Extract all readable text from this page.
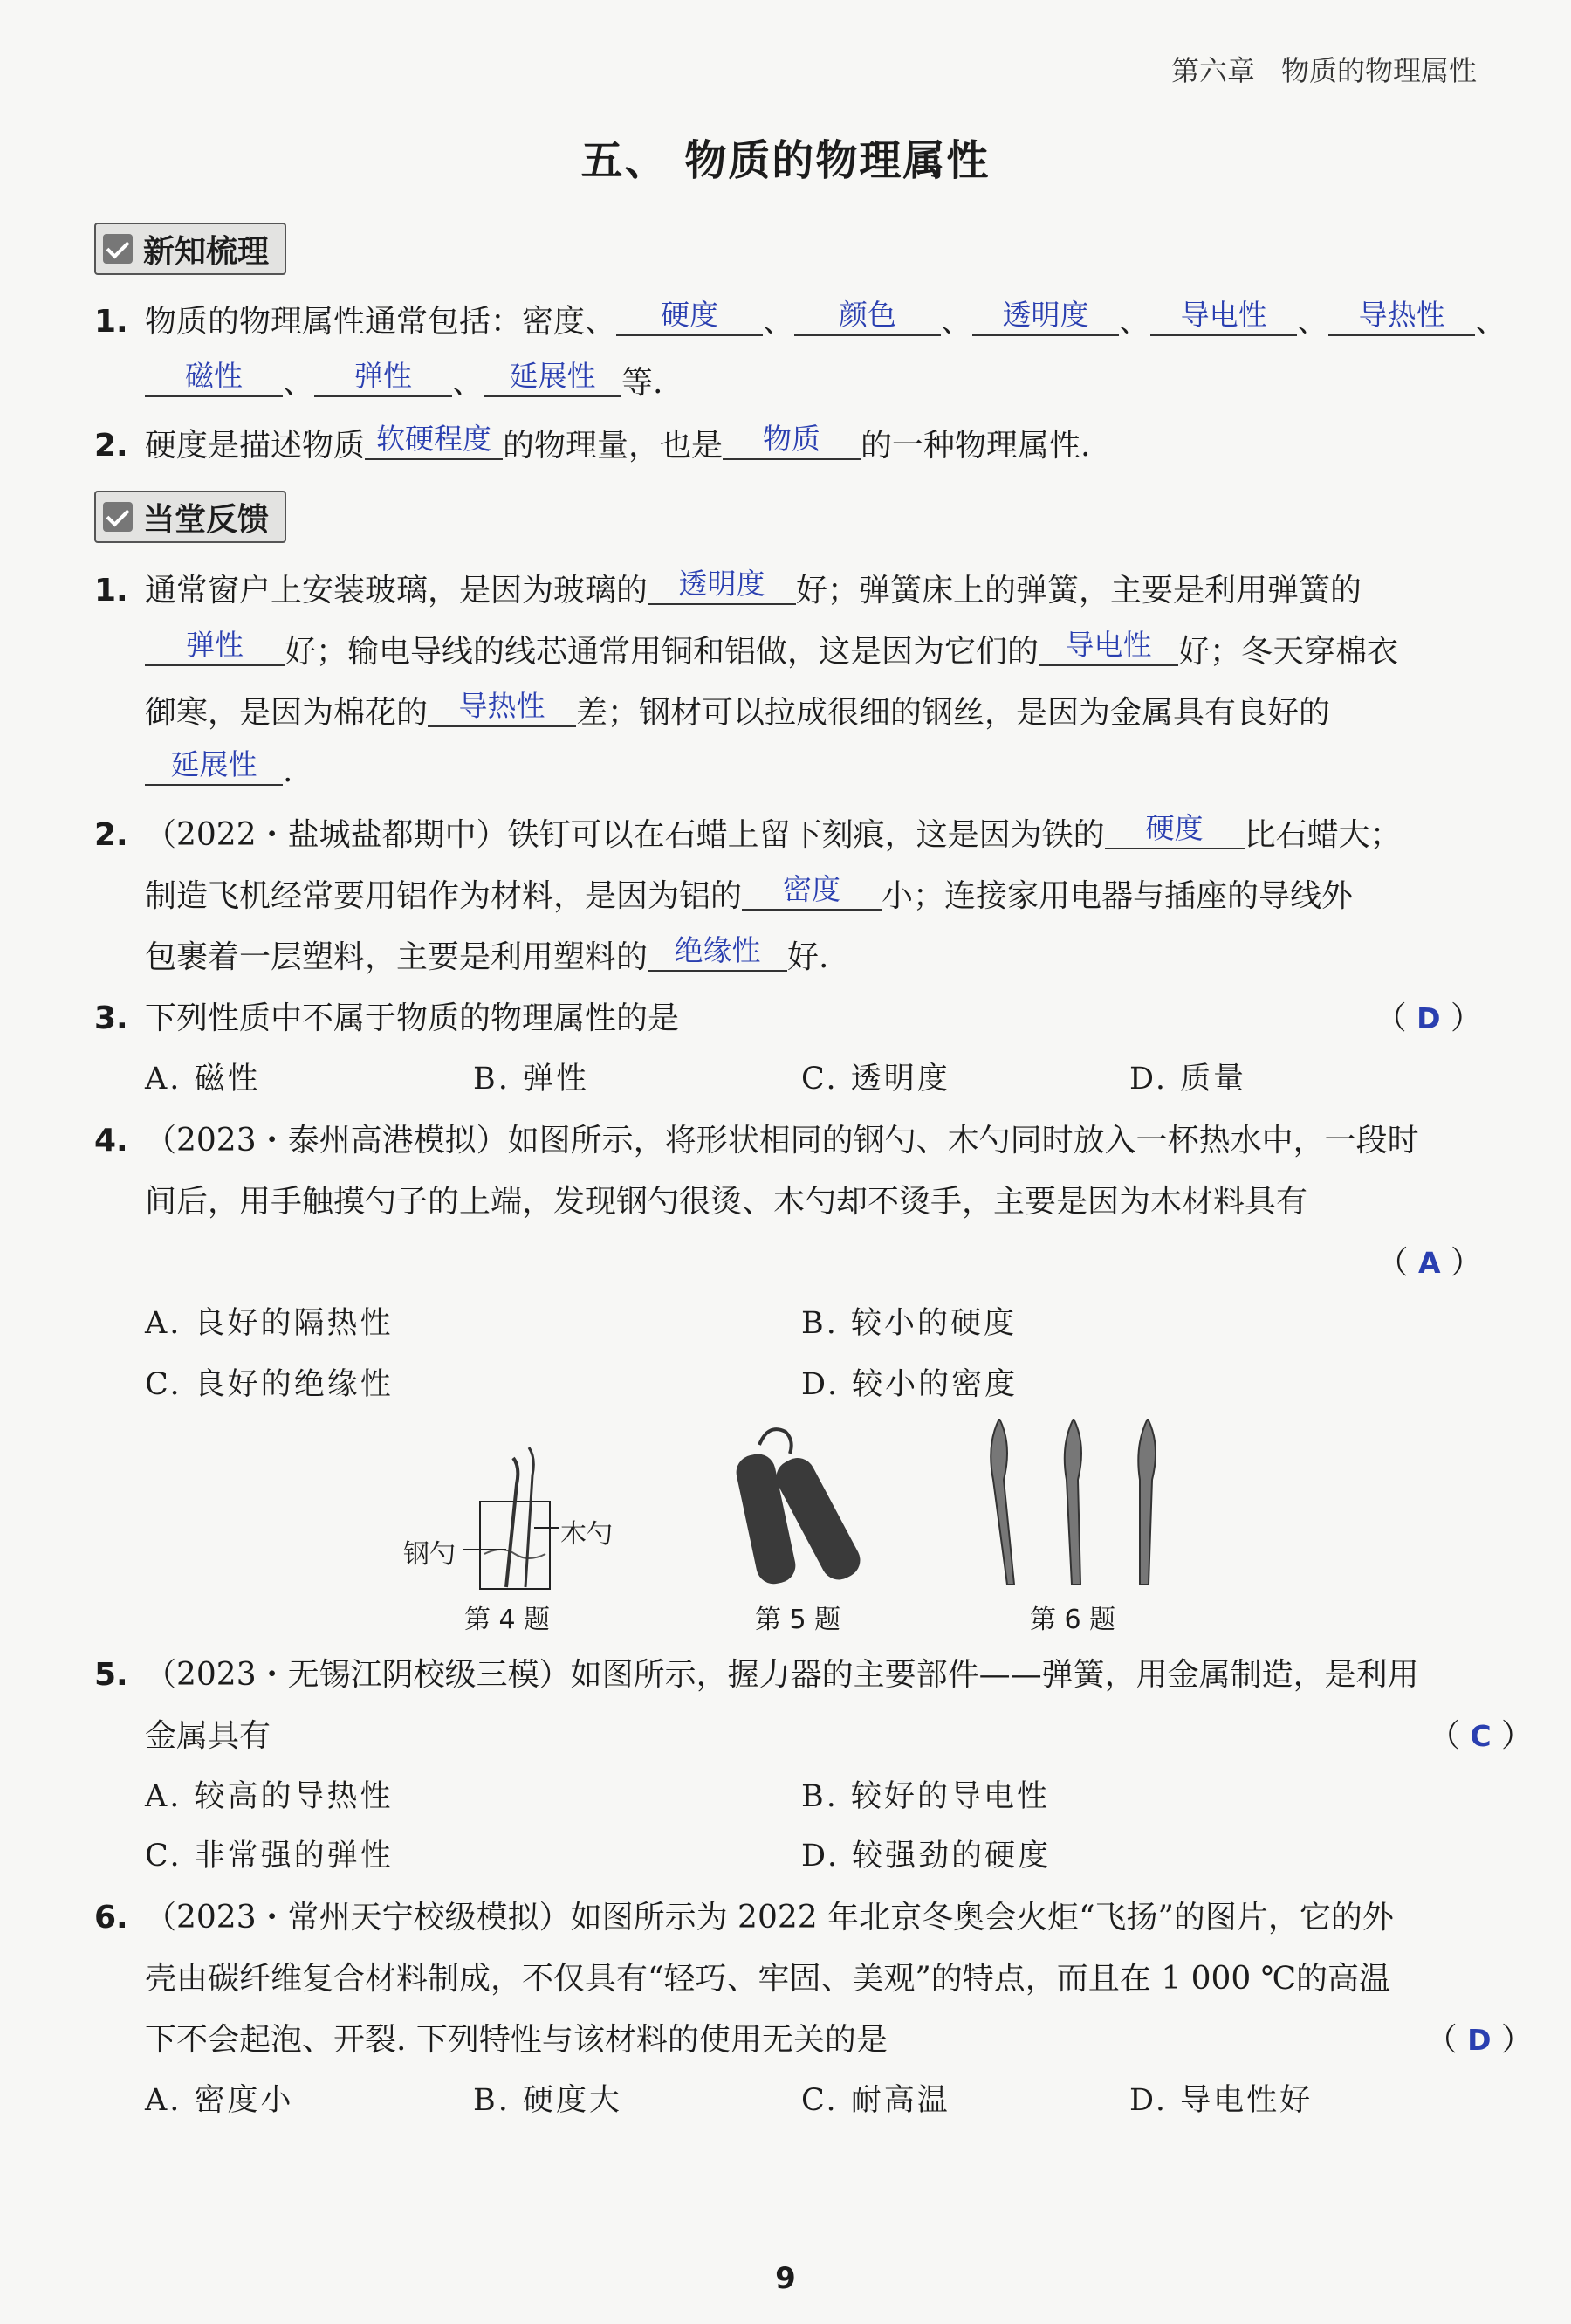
第六章 物质的物理属性
五、 物质的物理属性
新知梳理
1. 物质的物理属性通常包括：密度、 硬度 、 颜色 、 透明度 、 导电性 、 导热性 、
磁性 、 弹性 、 延展性 等.
2. 硬度是描述物质 软硬程度 的物理量，也是 物质 的一种物理属性.
当堂反馈
1. 通常窗户上安装玻璃，是因为玻璃的 透明度 好；弹簧床上的弹簧，主要是利用弹簧的
弹性 好；输电导线的线芯通常用铜和铝做，这是因为它们的 导电性 好；冬天穿棉衣
御寒，是因为棉花的 导热性 差；钢材可以拉成很细的钢丝，是因为金属具有良好的
延展性 .
2. （2022・盐城盐都期中）铁钉可以在石蜡上留下刻痕，这是因为铁的 硬度 比石蜡大；
制造飞机经常要用铝作为材料，是因为铝的 密度 小；连接家用电器与插座的导线外
包裹着一层塑料，主要是利用塑料的 绝缘性 好.
3. 下列性质中不属于物质的物理属性的是	（ D ）
A. 磁性	B. 弹性	C. 透明度	D. 质量
4. （2023・泰州高港模拟）如图所示，将形状相同的钢勺、木勺同时放入一杯热水中，一段时
间后，用手触摸勺子的上端，发现钢勺很烫、木勺却不烫手，主要是因为木材料具有
（ A ）
A. 良好的隔热性	B. 较小的硬度
C. 良好的绝缘性	D. 较小的密度
钢勺
木勺
第 4 题	第 5 题	第 6 题
5. （2023・无锡江阴校级三模）如图所示，握力器的主要部件——弹簧，用金属制造，是利用
金属具有	（ C ）
A. 较高的导热性	B. 较好的导电性
C. 非常强的弹性	D. 较强劲的硬度
6. （2023・常州天宁校级模拟）如图所示为 2022 年北京冬奥会火炬“飞扬”的图片，它的外
壳由碳纤维复合材料制成，不仅具有“轻巧、牢固、美观”的特点，而且在 1 000 ℃的高温
下不会起泡、开裂. 下列特性与该材料的使用无关的是	（ D ）
A. 密度小	B. 硬度大	C. 耐高温	D. 导电性好
9
